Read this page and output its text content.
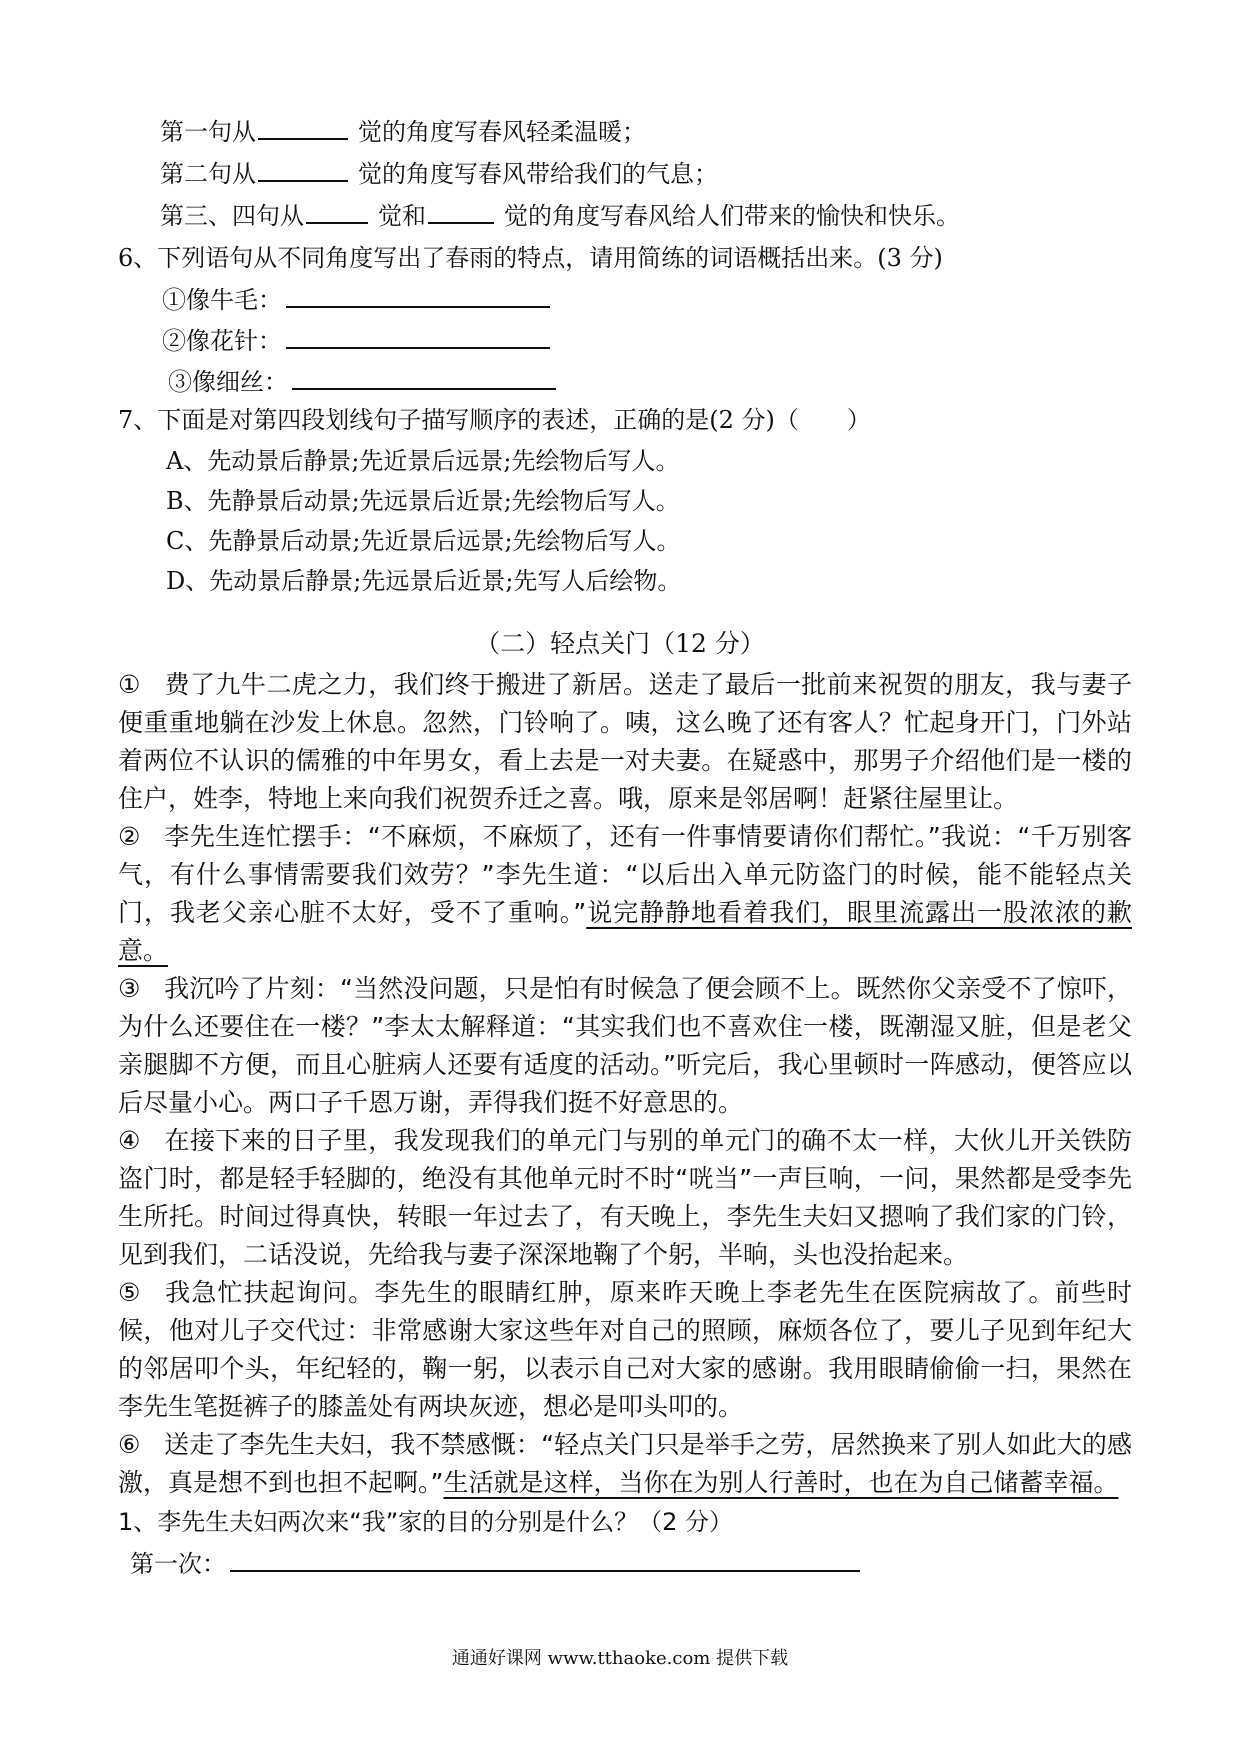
第一句从	觉的角度写春风轻柔温暖；
第二句从	觉的角度写春风带给我们的气息；
第三、四句从	觉和	觉的角度写春风给人们带来的愉快和快乐。
6、下列语句从不同角度写出了春雨的特点，请用简练的词语概括出来。(3 分)
①像牛毛：
②像花针：
③像细丝：
7、下面是对第四段划线句子描写顺序的表述，正确的是(2 分)（　　）
A、先动景后静景;先近景后远景;先绘物后写人。
B、先静景后动景;先远景后近景;先绘物后写人。
C、先静景后动景;先近景后远景;先绘物后写人。
D、先动景后静景;先远景后近景;先写人后绘物。
（二）轻点关门（12 分）
① 费了九牛二虎之力，我们终于搬进了新居。送走了最后一批前来祝贺的朋友，我与妻子便重重地躺在沙发上休息。忽然，门铃响了。咦，这么晚了还有客人？忙起身开门，门外站着两位不认识的儒雅的中年男女，看上去是一对夫妻。在疑惑中，那男子介绍他们是一楼的住户，姓李，特地上来向我们祝贺乔迁之喜。哦，原来是邻居啊！赶紧往屋里让。
② 李先生连忙摆手：“不麻烦，不麻烦了，还有一件事情要请你们帮忙。”我说：“千万别客气，有什么事情需要我们效劳？”李先生道：“以后出入单元防盗门的时候，能不能轻点关门，我老父亲心脏不太好，受不了重响。”说完静静地看着我们，眼里流露出一股浓浓的歉意。
③ 我沉吟了片刻：“当然没问题，只是怕有时候急了便会顾不上。既然你父亲受不了惊吓，为什么还要住在一楼？”李太太解释道：“其实我们也不喜欢住一楼，既潮湿又脏，但是老父亲腿脚不方便，而且心脏病人还要有适度的活动。”听完后，我心里顿时一阵感动，便答应以后尽量小心。两口子千恩万谢，弄得我们挺不好意思的。
④ 在接下来的日子里，我发现我们的单元门与别的单元门的确不太一样，大伙儿开关铁防盗门时，都是轻手轻脚的，绝没有其他单元时不时“咣当”一声巨响，一问，果然都是受李先生所托。时间过得真快，转眼一年过去了，有天晚上，李先生夫妇又摁响了我们家的门铃，见到我们，二话没说，先给我与妻子深深地鞠了个躬，半晌，头也没抬起来。
⑤ 我急忙扶起询问。李先生的眼睛红肿，原来昨天晚上李老先生在医院病故了。前些时候，他对儿子交代过：非常感谢大家这些年对自己的照顾，麻烦各位了，要儿子见到年纪大的邻居叩个头，年纪轻的，鞠一躬，以表示自己对大家的感谢。我用眼睛偷偷一扫，果然在李先生笔挺裤子的膝盖处有两块灰迹，想必是叩头叩的。
⑥ 送走了李先生夫妇，我不禁感慨：“轻点关门只是举手之劳，居然换来了别人如此大的感激，真是想不到也担不起啊。”生活就是这样，当你在为别人行善时，也在为自己储蓄幸福。
1、李先生夫妇两次来“我”家的目的分别是什么？（2 分）
第一次：
通通好课网 www.tthaoke.com 提供下载
